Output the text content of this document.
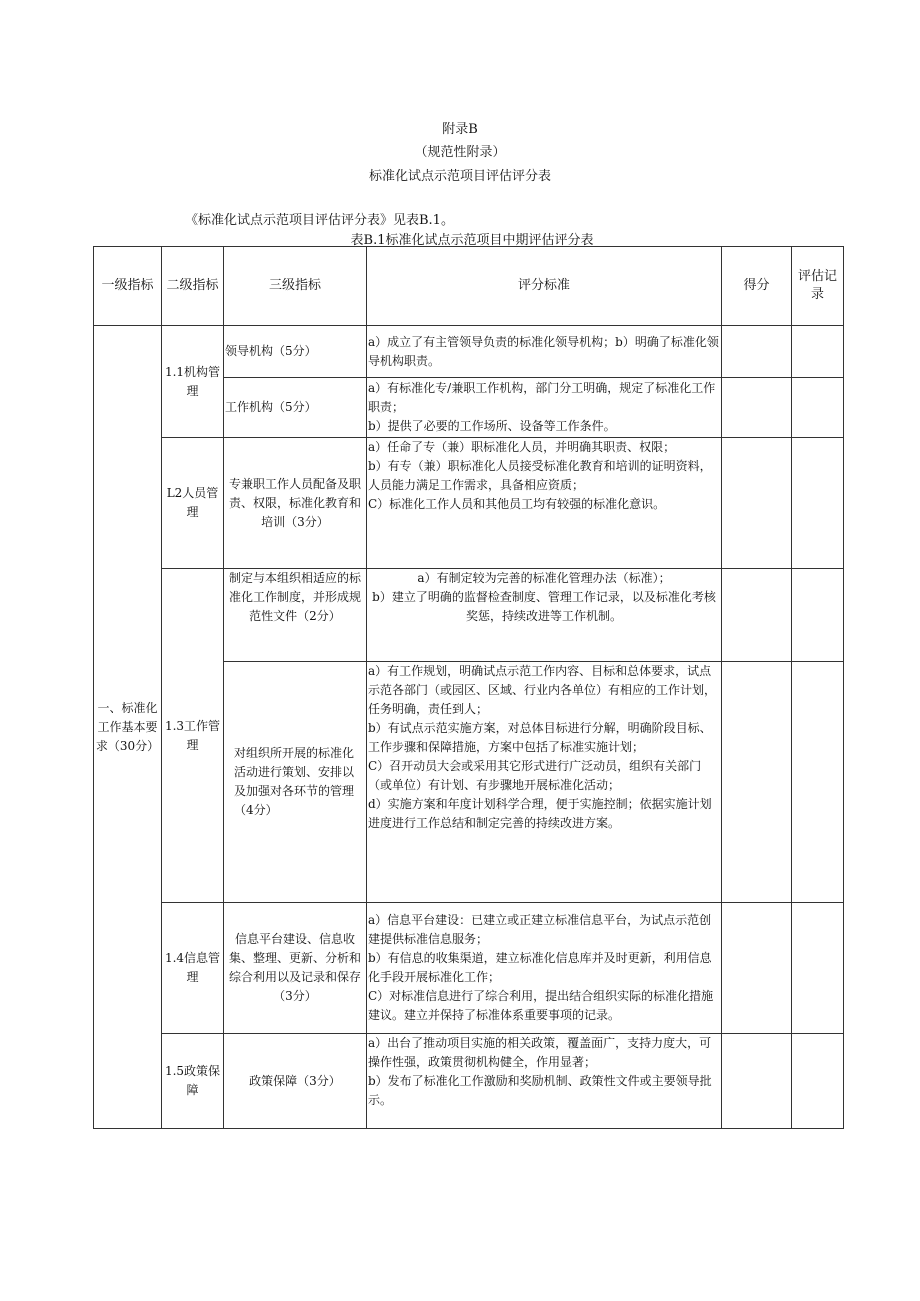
附录B
（规范性附录）
标准化试点示范项目评估评分表
《标准化试点示范项目评估评分表》见表B.1。
表B.1标准化试点示范项目中期评估评分表
一级指标	二级指标	三级指标	评分标准	得分	评估记录
一、标准化工作基本要求（30分）	1.1机构管理	领导机构（5分）	a）成立了有主管领导负责的标准化领导机构；b）明确了标准化领导机构职责。		

		工作机构（5分）	a）有标准化专/兼职工作机构，部门分工明确，规定了标准化工作职责；
b）提供了必要的工作场所、设备等工作条件。		

	L2人员管理	专兼职工作人员配备及职责、权限，标准化教育和培训（3分）	a）任命了专（兼）职标准化人员，并明确其职责、权限；
b）有专（兼）职标准化人员接受标准化教育和培训的证明资料，人员能力满足工作需求，具备相应资质；
C）标准化工作人员和其他员工均有较强的标准化意识。		

	1.3工作管理	制定与本组织相适应的标准化工作制度，并形成规范性文件（2分）	a）有制定较为完善的标准化管理办法（标准）；
b）建立了明确的监督检查制度、管理工作记录，以及标准化考核奖惩，持续改进等工作机制。		

		对组织所开展的标准化活动进行策划、安排以及加强对各环节的管理（4分）	a）有工作规划，明确试点示范工作内容、目标和总体要求，试点示范各部门（或园区、区域、行业内各单位）有相应的工作计划，任务明确，责任到人；
b）有试点示范实施方案，对总体目标进行分解，明确阶段目标、工作步骤和保障措施，方案中包括了标准实施计划；
C）召开动员大会或采用其它形式进行广泛动员，组织有关部门（或单位）有计划、有步骤地开展标准化活动；
d）实施方案和年度计划科学合理，便于实施控制；依据实施计划进度进行工作总结和制定完善的持续改进方案。		

	1.4信息管理	信息平台建设、信息收集、整理、更新、分析和综合利用以及记录和保存（3分）	a）信息平台建设：已建立或正建立标准信息平台，为试点示范创建提供标准信息服务；
b）有信息的收集渠道，建立标准化信息库并及时更新，利用信息化手段开展标准化工作；
C）对标准信息进行了综合利用，提出结合组织实际的标准化措施建议。建立并保持了标准体系重要事项的记录。		

	1.5政策保障	政策保障（3分）	a）出台了推动项目实施的相关政策，覆盖面广，支持力度大，可操作性强，政策贯彻机构健全，作用显著；
b）发布了标准化工作激励和奖励机制、政策性文件或主要领导批示。		
